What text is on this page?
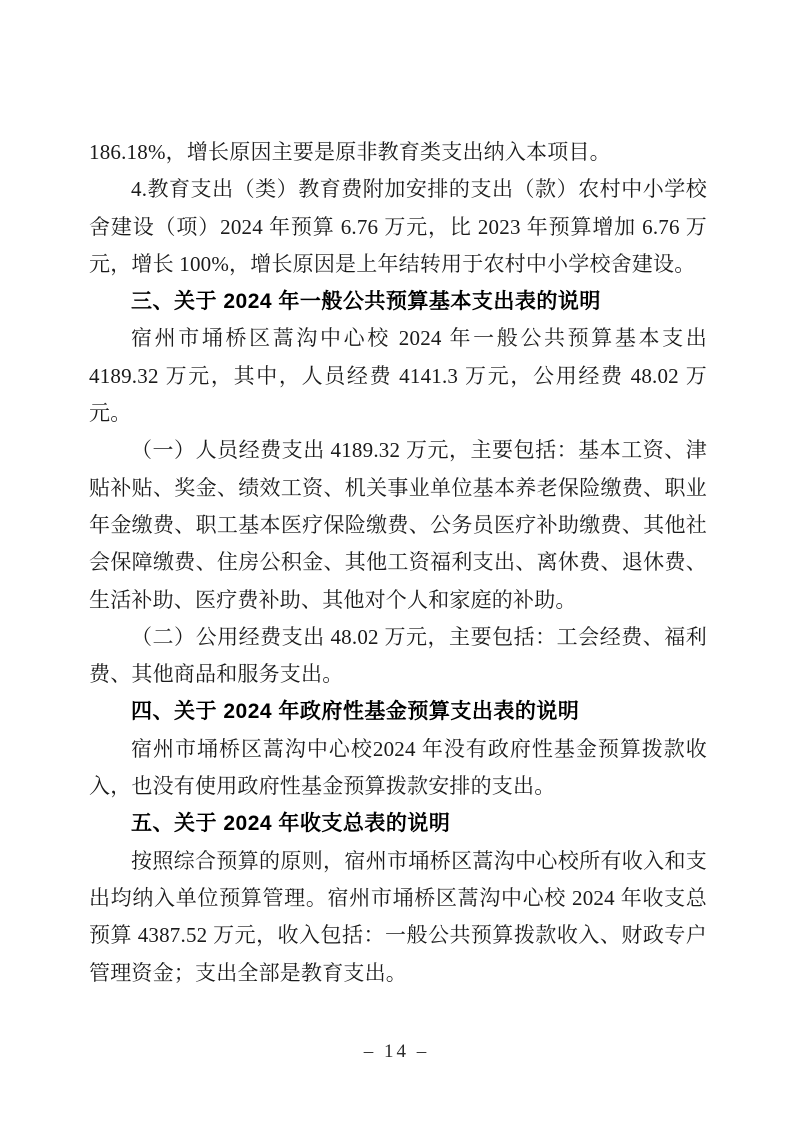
186.18%，增长原因主要是原非教育类支出纳入本项目。

4.教育支出（类）教育费附加安排的支出（款）农村中小学校舍建设（项）2024 年预算 6.76 万元，比 2023 年预算增加 6.76 万元，增长 100%，增长原因是上年结转用于农村中小学校舍建设。

三、关于 2024 年一般公共预算基本支出表的说明

宿州市埇桥区蒿沟中心校 2024 年一般公共预算基本支出 4189.32 万元，其中，人员经费 4141.3 万元，公用经费 48.02 万元。

（一）人员经费支出 4189.32 万元，主要包括：基本工资、津贴补贴、奖金、绩效工资、机关事业单位基本养老保险缴费、职业年金缴费、职工基本医疗保险缴费、公务员医疗补助缴费、其他社会保障缴费、住房公积金、其他工资福利支出、离休费、退休费、生活补助、医疗费补助、其他对个人和家庭的补助。

（二）公用经费支出 48.02 万元，主要包括：工会经费、福利费、其他商品和服务支出。

四、关于 2024 年政府性基金预算支出表的说明

宿州市埇桥区蒿沟中心校2024 年没有政府性基金预算拨款收入，也没有使用政府性基金预算拨款安排的支出。

五、关于 2024 年收支总表的说明

按照综合预算的原则，宿州市埇桥区蒿沟中心校所有收入和支出均纳入单位预算管理。宿州市埇桥区蒿沟中心校 2024 年收支总预算 4387.52 万元，收入包括：一般公共预算拨款收入、财政专户管理资金；支出全部是教育支出。

– 14 –
